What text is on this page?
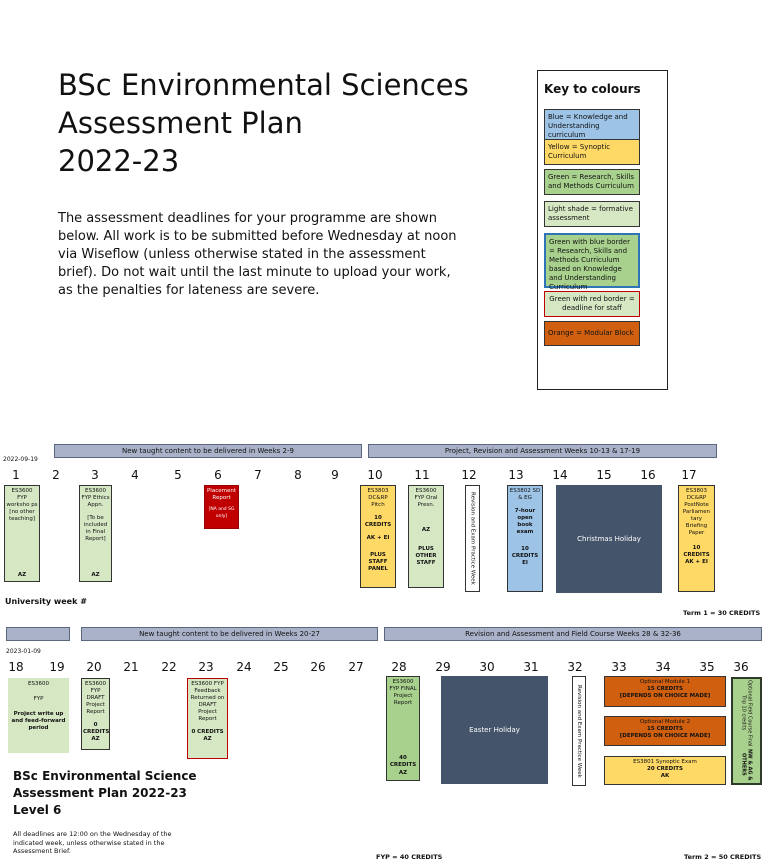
BSc Environmental Sciences
Assessment Plan
2022-23
The assessment deadlines for your programme are shown below. All work is to be submitted before Wednesday at noon via Wiseflow (unless otherwise stated in the assessment brief). Do not wait until the last minute to upload your work, as the penalties for lateness are severe.
Key to colours
Blue = Knowledge and Understanding curriculum
Yellow = Synoptic Curriculum
Green = Research, Skills and Methods Curriculum
Light shade = formative assessment
Green with blue border = Research, Skills and Methods Curriculum based on Knowledge and Understanding Curriculum
Green with red border = deadline for staff
Orange = Modular Block
2022-09-19
New taught content to be delivered in Weeks 2-9	Project, Revision and Assessment Weeks 10-13 & 17-19
1	2	3	4	5	6	7	8	9	10	11	12	13	14	15	16	17
ES3600 FYP worksho ps [no other teaching]
AZ
ES3600 FYP Ethics Appn.
[To be included in Final Report]
AZ
Placement Report
[NA and SG only]
ES3803 DC&RP Pitch
10 CREDITS
AK + EI
PLUS STAFF PANEL
ES3600 FYP Oral Presn.
AZ
PLUS OTHER STAFF	Revision and Exam Practice Week
ES3802 SD & EG
7-hour open book exam
10 CREDITS
EI
Christmas Holiday
ES3803 DC&RP PostNote Parliamen tary Briefing Paper
10 CREDITS
AK + EI
University week #
Term 1 = 30 CREDITS
New taught content to be delivered in Weeks 20-27	Revision and Assessment and Field Course Weeks 28 & 32-36
2023-01-09
18	19	20	21	22	23	24	25	26	27	28	29	30	31	32	33	34	35	36
ES3600
FYP
Project write up and feed-forward period
ES3600 FYP DRAFT Project Report
0 CREDITS
AZ
ES3600 FYP Feedback Returned on DRAFT Project Report
0 CREDITS
AZ
ES3600 FYP FINAL Project Report
40 CREDITS
AZ
Easter Holiday	Revision and Exam Practice Week
Optional Module 1
15 CREDITS
[DEPENDS ON CHOICE MADE]
Optional Module 2
15 CREDITS
[DEPENDS ON CHOICE MADE]
ES3801 Synoptic Exam
20 CREDITS
AK
Optional Field Course Final Trip 10 credits
NW & AG & OTHERS
BSc Environmental Science
Assessment Plan 2022-23
Level 6
All deadlines are 12:00 on the Wednesday of the indicated week, unless otherwise stated in the Assessment Brief.
FYP = 40 CREDITS	Term 2 = 50 CREDITS
